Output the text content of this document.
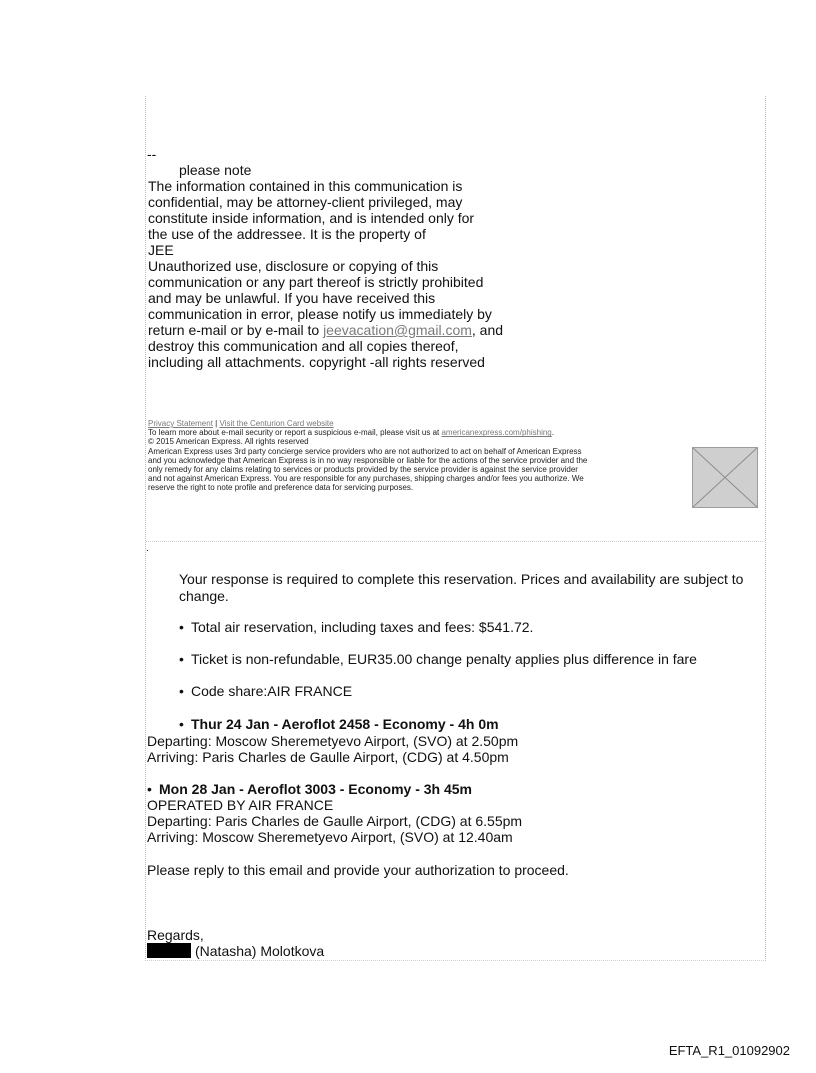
--
please note
The information contained in this communication is
confidential, may be attorney-client privileged, may
constitute inside information, and is intended only for
the use of the addressee. It is the property of
JEE
Unauthorized use, disclosure or copying of this
communication or any part thereof is strictly prohibited
and may be unlawful. If you have received this
communication in error, please notify us immediately by
return e-mail or by e-mail to jeevacation@gmail.com, and
destroy this communication and all copies thereof,
including all attachments. copyright -all rights reserved
Privacy Statement | Visit the Centurion Card website
To learn more about e-mail security or report a suspicious e-mail, please visit us at americanexpress.com/phishing.
© 2015 American Express. All rights reserved
American Express uses 3rd party concierge service providers who are not authorized to act on behalf of American Express
and you acknowledge that American Express is in no way responsible or liable for the actions of the service provider and the
only remedy for any claims relating to services or products provided by the service provider is against the service provider
and not against American Express. You are responsible for any purchases, shipping charges and/or fees you authorize. We
reserve the right to note profile and preference data for servicing purposes.
.
Your response is required to complete this reservation. Prices and availability are subject to
change.
• Total air reservation, including taxes and fees: $541.72.
• Ticket is non-refundable, EUR35.00 change penalty applies plus difference in fare
• Code share:AIR FRANCE
• Thur 24 Jan - Aeroflot 2458 - Economy - 4h 0m
Departing: Moscow Sheremetyevo Airport, (SVO) at 2.50pm
Arriving: Paris Charles de Gaulle Airport, (CDG) at 4.50pm
• Mon 28 Jan - Aeroflot 3003 - Economy - 3h 45m
OPERATED BY AIR FRANCE
Departing: Paris Charles de Gaulle Airport, (CDG) at 6.55pm
Arriving: Moscow Sheremetyevo Airport, (SVO) at 12.40am
Please reply to this email and provide your authorization to proceed.
Regards,
(Natasha) Molotkova
EFTA_R1_01092902
